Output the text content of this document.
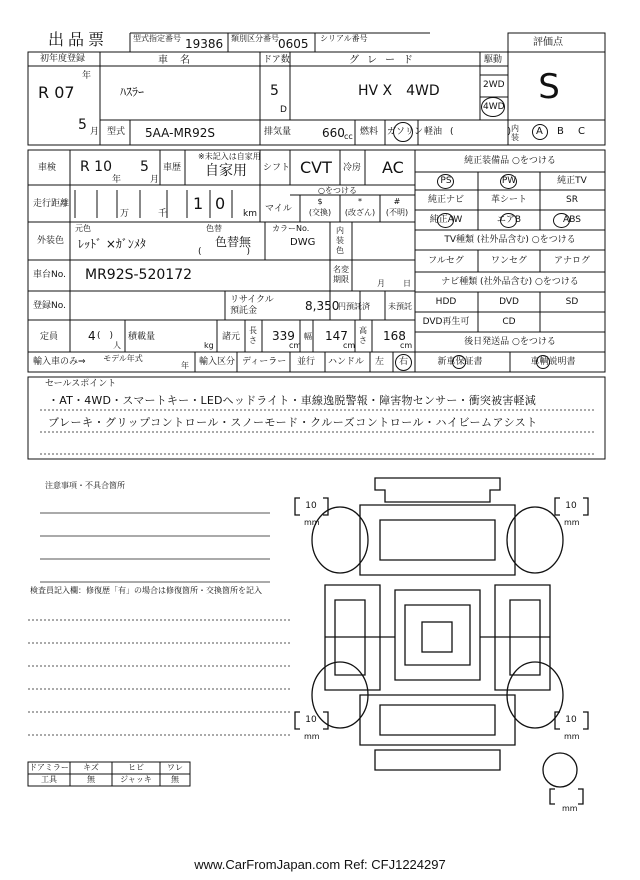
出品票	型式指定番号 19386 類別区分番号 0605 シリアル番号	評価点
S
初年度登録
年
R 07
5 月
車名
ﾊｽﾗｰ
ドア数
5
D
グレード
HV X　4WD
駆動
2WD
4WD
型式 5AA-MR92S	排気量	660 cc 燃料 ガソリン 軽油 (　　　　　　) 内装
A B C
車検 R 10
年
5
月
車歴
※未記入は自家用
自家用 シフト CVT 冷房 AC
走行距離
万	千
1 0
km マイル
○をつける
$
(交換)
*
(改ざん)
#
(不明)
外装色
元色
ﾚｯﾄﾞ ×ｶﾞﾝﾒﾀ
色替
色替無
(　　　　　)
カラーNo.
DWG
内装色
車台No. MR92S-520172	名変期限	月 日
登録No.
リサイクル預託金	8,350
円預託済 未預託
定員 4 (　)
人
積載量
kg
諸元
長さ 339
cm
幅 147
cm
高さ 168
cm
輸入車のみ⇒ モデル年式
年 輸入区分 ディーラー 並行 ハンドル 左 右
純正装備品 ○をつける
PS	PW	純正TV
純正ナビ	革シート	SR
純正AW	エアB	ABS
TV種類 (社外品含む) ○をつける
フルセグ	ワンセグ	アナログ
ナビ種類 (社外品含む) ○をつける
HDD	DVD	SD
DVD再生可	CD
後日発送品 ○をつける
新車保証書	車輌説明書
セールスポイント
・AT・4WD・スマートキー・LEDヘッドライト・車線逸脱警報・障害物センサー・衝突被害軽減
ブレーキ・グリップコントロール・スノーモード・クルーズコントロール・ハイビームアシスト
注意事項・不具合箇所
検査員記入欄：修復歴「有」の場合は修復箇所・交換箇所を記入
10
mm
10
mm
10
mm
10
mm
mm
ドアミラー キズ	ヒビ	ワレ
工具	無	ジャッキ 無
www.CarFromJapan.com Ref: CFJ1224297
